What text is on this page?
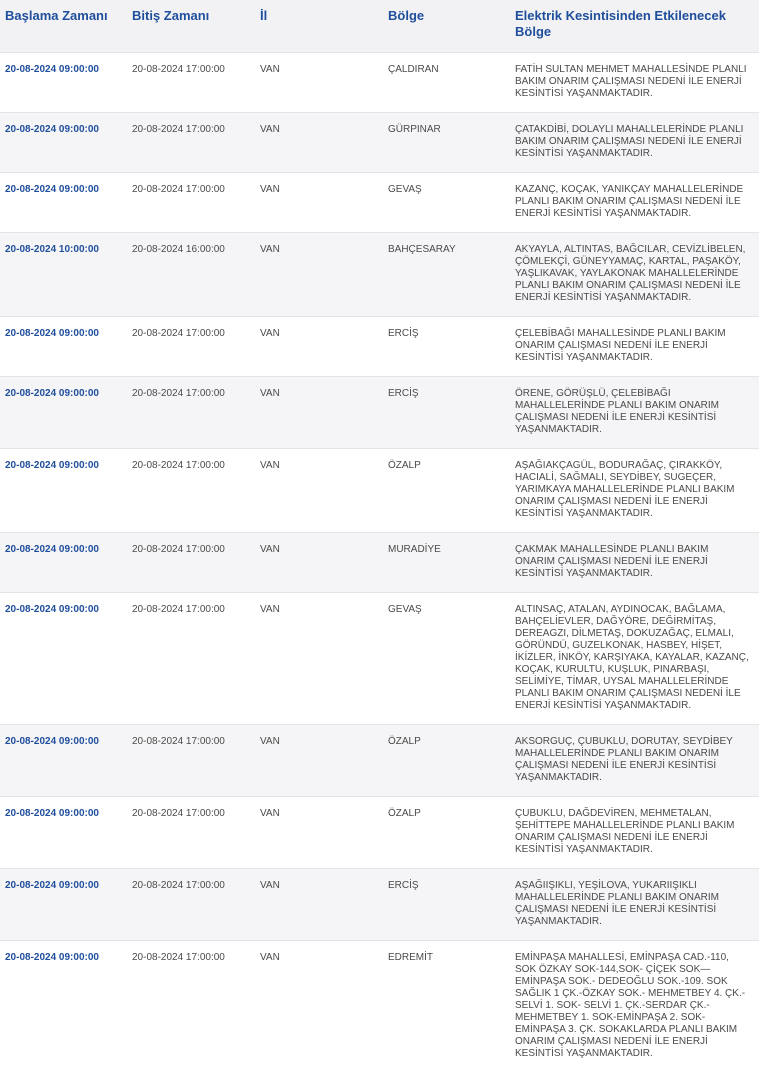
Başlama Zamanı	Bitiş Zamanı	İl	Bölge	Elektrik Kesintisinden Etkilenecek Bölge
20-08-2024 09:00:00	20-08-2024 17:00:00	VAN	ÇALDIRAN	FATİH SULTAN MEHMET MAHALLESİNDE PLANLI BAKIM ONARIM ÇALIŞMASI NEDENİ İLE ENERJİ KESİNTİSİ YAŞANMAKTADIR.
20-08-2024 09:00:00	20-08-2024 17:00:00	VAN	GÜRPINAR	ÇATAKDİBİ, DOLAYLI MAHALLELERİNDE PLANLI BAKIM ONARIM ÇALIŞMASI NEDENİ İLE ENERJİ KESİNTİSİ YAŞANMAKTADIR.
20-08-2024 09:00:00	20-08-2024 17:00:00	VAN	GEVAŞ	KAZANÇ, KOÇAK, YANIKÇAY MAHALLELERİNDE PLANLI BAKIM ONARIM ÇALIŞMASI NEDENİ İLE ENERJİ KESİNTİSİ YAŞANMAKTADIR.
20-08-2024 10:00:00	20-08-2024 16:00:00	VAN	BAHÇESARAY	AKYAYLA, ALTINTAS, BAĞCILAR, CEVİZLİBELEN, ÇÖMLEKÇİ, GÜNEYYAMAÇ, KARTAL, PAŞAKÖY, YAŞLIKAVAK, YAYLAKONAK MAHALLELERİNDE PLANLI BAKIM ONARIM ÇALIŞMASI NEDENİ İLE ENERJİ KESİNTİSİ YAŞANMAKTADIR.
20-08-2024 09:00:00	20-08-2024 17:00:00	VAN	ERCİŞ	ÇELEBİBAĞI MAHALLESİNDE PLANLI BAKIM ONARIM ÇALIŞMASI NEDENİ İLE ENERJİ KESİNTİSİ YAŞANMAKTADIR.
20-08-2024 09:00:00	20-08-2024 17:00:00	VAN	ERCİŞ	ÖRENE, GÖRÜŞLÜ, ÇELEBİBAĞI MAHALLELERİNDE PLANLI BAKIM ONARIM ÇALIŞMASI NEDENİ İLE ENERJİ KESİNTİSİ YAŞANMAKTADIR.
20-08-2024 09:00:00	20-08-2024 17:00:00	VAN	ÖZALP	AŞAĞIAKÇAGÜL, BODURAĞAÇ, ÇIRAKKÖY, HACIALİ, SAĞMALI, SEYDİBEY, SUGEÇER, YARIMKAYA MAHALLELERİNDE PLANLI BAKIM ONARIM ÇALIŞMASI NEDENİ İLE ENERJİ KESİNTİSİ YAŞANMAKTADIR.
20-08-2024 09:00:00	20-08-2024 17:00:00	VAN	MURADİYE	ÇAKMAK MAHALLESİNDE PLANLI BAKIM ONARIM ÇALIŞMASI NEDENİ İLE ENERJİ KESİNTİSİ YAŞANMAKTADIR.
20-08-2024 09:00:00	20-08-2024 17:00:00	VAN	GEVAŞ	ALTINSAÇ, ATALAN, AYDINOCAK, BAĞLAMA, BAHÇELİEVLER, DAĞYÖRE, DEĞİRMİTAŞ, DEREAGZI, DİLMETAŞ, DOKUZAĞAÇ, ELMALI, GÖRÜNDÜ, GUZELKONAK, HASBEY, HİŞET, İKİZLER, İNKÖY, KARŞIYAKA, KAYALAR, KAZANÇ, KOÇAK, KURULTU, KUŞLUK, PINARBAŞI, SELİMİYE, TİMAR, UYSAL MAHALLELERİNDE PLANLI BAKIM ONARIM ÇALIŞMASI NEDENİ İLE ENERJİ KESİNTİSİ YAŞANMAKTADIR.
20-08-2024 09:00:00	20-08-2024 17:00:00	VAN	ÖZALP	AKSORGUÇ, ÇUBUKLU, DORUTAY, SEYDİBEY MAHALLELERİNDE PLANLI BAKIM ONARIM ÇALIŞMASI NEDENİ İLE ENERJİ KESİNTİSİ YAŞANMAKTADIR.
20-08-2024 09:00:00	20-08-2024 17:00:00	VAN	ÖZALP	ÇUBUKLU, DAĞDEVİREN, MEHMETALAN, ŞEHİTTEPE MAHALLELERİNDE PLANLI BAKIM ONARIM ÇALIŞMASI NEDENİ İLE ENERJİ KESİNTİSİ YAŞANMAKTADIR.
20-08-2024 09:00:00	20-08-2024 17:00:00	VAN	ERCİŞ	AŞAĞIIŞIKLI, YEŞİLOVA, YUKARIIŞIKLI MAHALLELERİNDE PLANLI BAKIM ONARIM ÇALIŞMASI NEDENİ İLE ENERJİ KESİNTİSİ YAŞANMAKTADIR.
20-08-2024 09:00:00	20-08-2024 17:00:00	VAN	EDREMİT	EMİNPAŞA MAHALLESİ, EMİNPAŞA CAD.-110, SOK ÖZKAY SOK-144,SOK- ÇİÇEK SOK—EMİNPAŞA SOK.- DEDEOĞLU SOK.-109. SOK SAĞLIK 1 ÇK.-ÖZKAY SOK.- MEHMETBEY 4. ÇK.-SELVİ 1. SOK- SELVİ 1. ÇK.-SERDAR ÇK.- MEHMETBEY 1. SOK-EMİNPAŞA 2. SOK- EMİNPAŞA 3. ÇK. SOKAKLARDA PLANLI BAKIM ONARIM ÇALIŞMASI NEDENİ İLE ENERJİ KESİNTİSİ YAŞANMAKTADIR.
